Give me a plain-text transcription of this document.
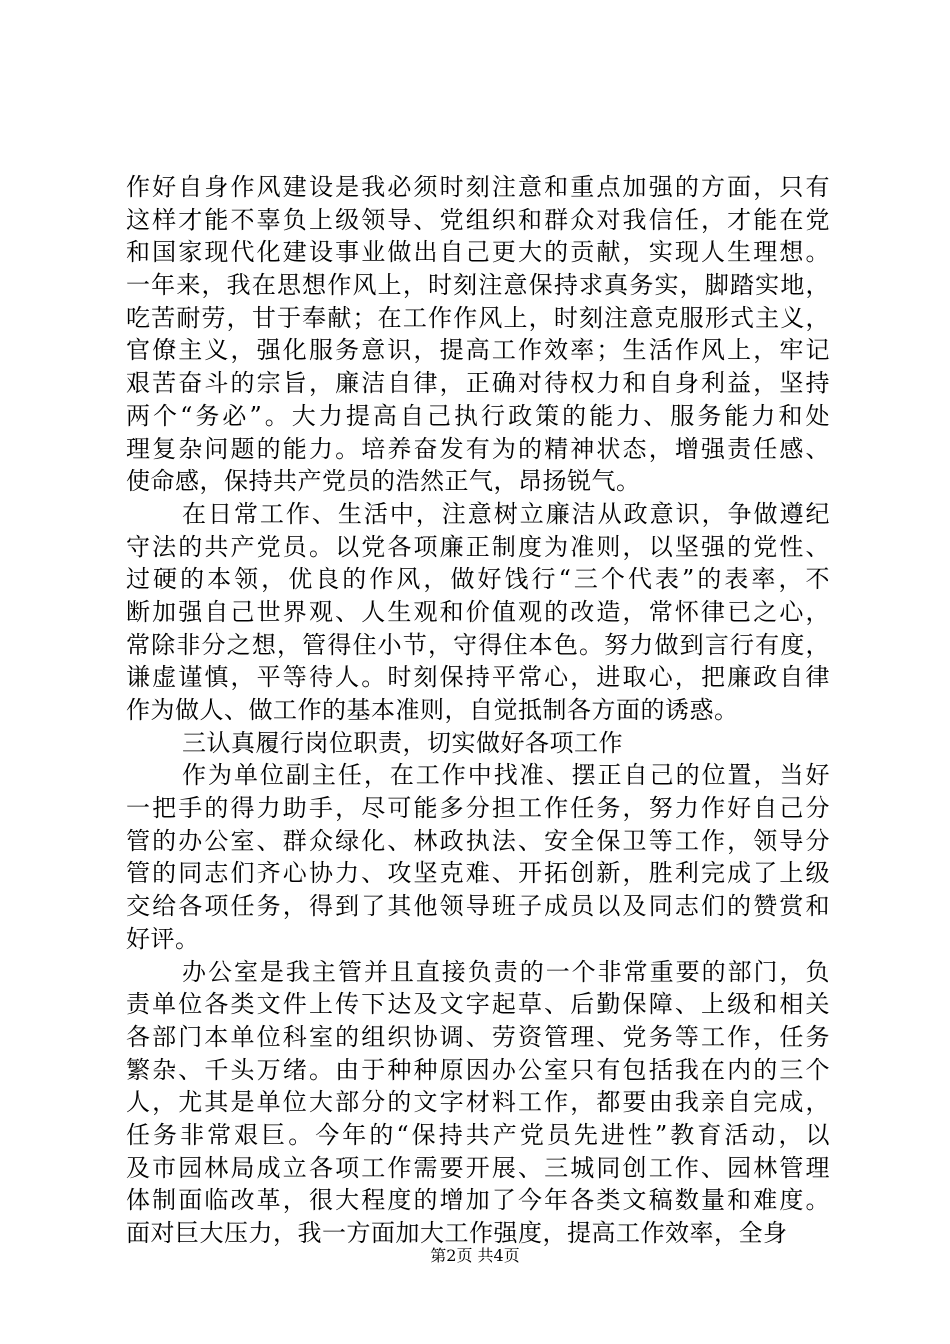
作好自身作风建设是我必须时刻注意和重点加强的方面，只有
这样才能不辜负上级领导、党组织和群众对我信任，才能在党
和国家现代化建设事业做出自己更大的贡献，实现人生理想。
一年来，我在思想作风上，时刻注意保持求真务实，脚踏实地，
吃苦耐劳，甘于奉献；在工作作风上，时刻注意克服形式主义，
官僚主义，强化服务意识，提高工作效率；生活作风上，牢记
艰苦奋斗的宗旨，廉洁自律，正确对待权力和自身利益，坚持
两个“务必”。大力提高自己执行政策的能力、服务能力和处
理复杂问题的能力。培养奋发有为的精神状态，增强责任感、
使命感，保持共产党员的浩然正气，昂扬锐气。
在日常工作、生活中，注意树立廉洁从政意识，争做遵纪
守法的共产党员。以党各项廉正制度为准则，以坚强的党性、
过硬的本领，优良的作风，做好饯行“三个代表”的表率，不
断加强自己世界观、人生观和价值观的改造，常怀律已之心，
常除非分之想，管得住小节，守得住本色。努力做到言行有度，
谦虚谨慎，平等待人。时刻保持平常心，进取心，把廉政自律
作为做人、做工作的基本准则，自觉抵制各方面的诱惑。
三认真履行岗位职责，切实做好各项工作
作为单位副主任，在工作中找准、摆正自己的位置，当好
一把手的得力助手，尽可能多分担工作任务，努力作好自己分
管的办公室、群众绿化、林政执法、安全保卫等工作，领导分
管的同志们齐心协力、攻坚克难、开拓创新，胜利完成了上级
交给各项任务，得到了其他领导班子成员以及同志们的赞赏和
好评。
办公室是我主管并且直接负责的一个非常重要的部门，负
责单位各类文件上传下达及文字起草、后勤保障、上级和相关
各部门本单位科室的组织协调、劳资管理、党务等工作，任务
繁杂、千头万绪。由于种种原因办公室只有包括我在内的三个
人，尤其是单位大部分的文字材料工作，都要由我亲自完成，
任务非常艰巨。今年的“保持共产党员先进性”教育活动，以
及市园林局成立各项工作需要开展、三城同创工作、园林管理
体制面临改革，很大程度的增加了今年各类文稿数量和难度。
面对巨大压力，我一方面加大工作强度，提高工作效率，全身
第2页 共4页
